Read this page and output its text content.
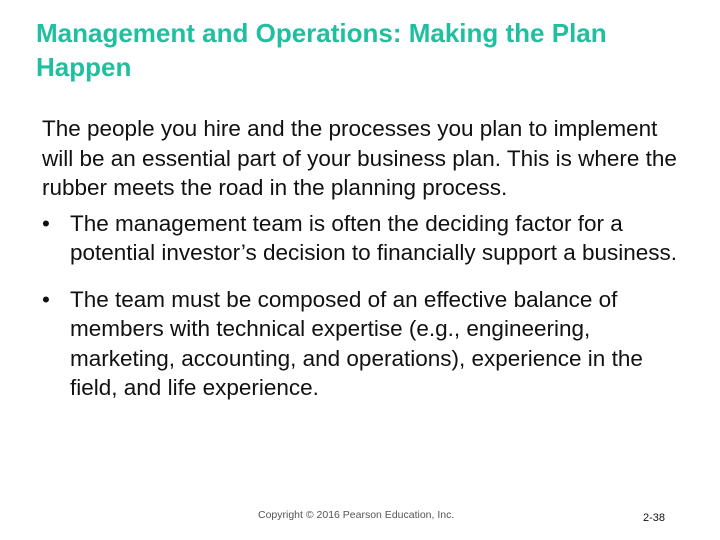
Management and Operations: Making the Plan Happen

The people you hire and the processes you plan to implement will be an essential part of your business plan. This is where the rubber meets the road in the planning process.

• The management team is often the deciding factor for a potential investor’s decision to financially support a business.
• The team must be composed of an effective balance of members with technical expertise (e.g., engineering, marketing, accounting, and operations), experience in the field, and life experience.
Copyright © 2016 Pearson Education, Inc.	2-38
